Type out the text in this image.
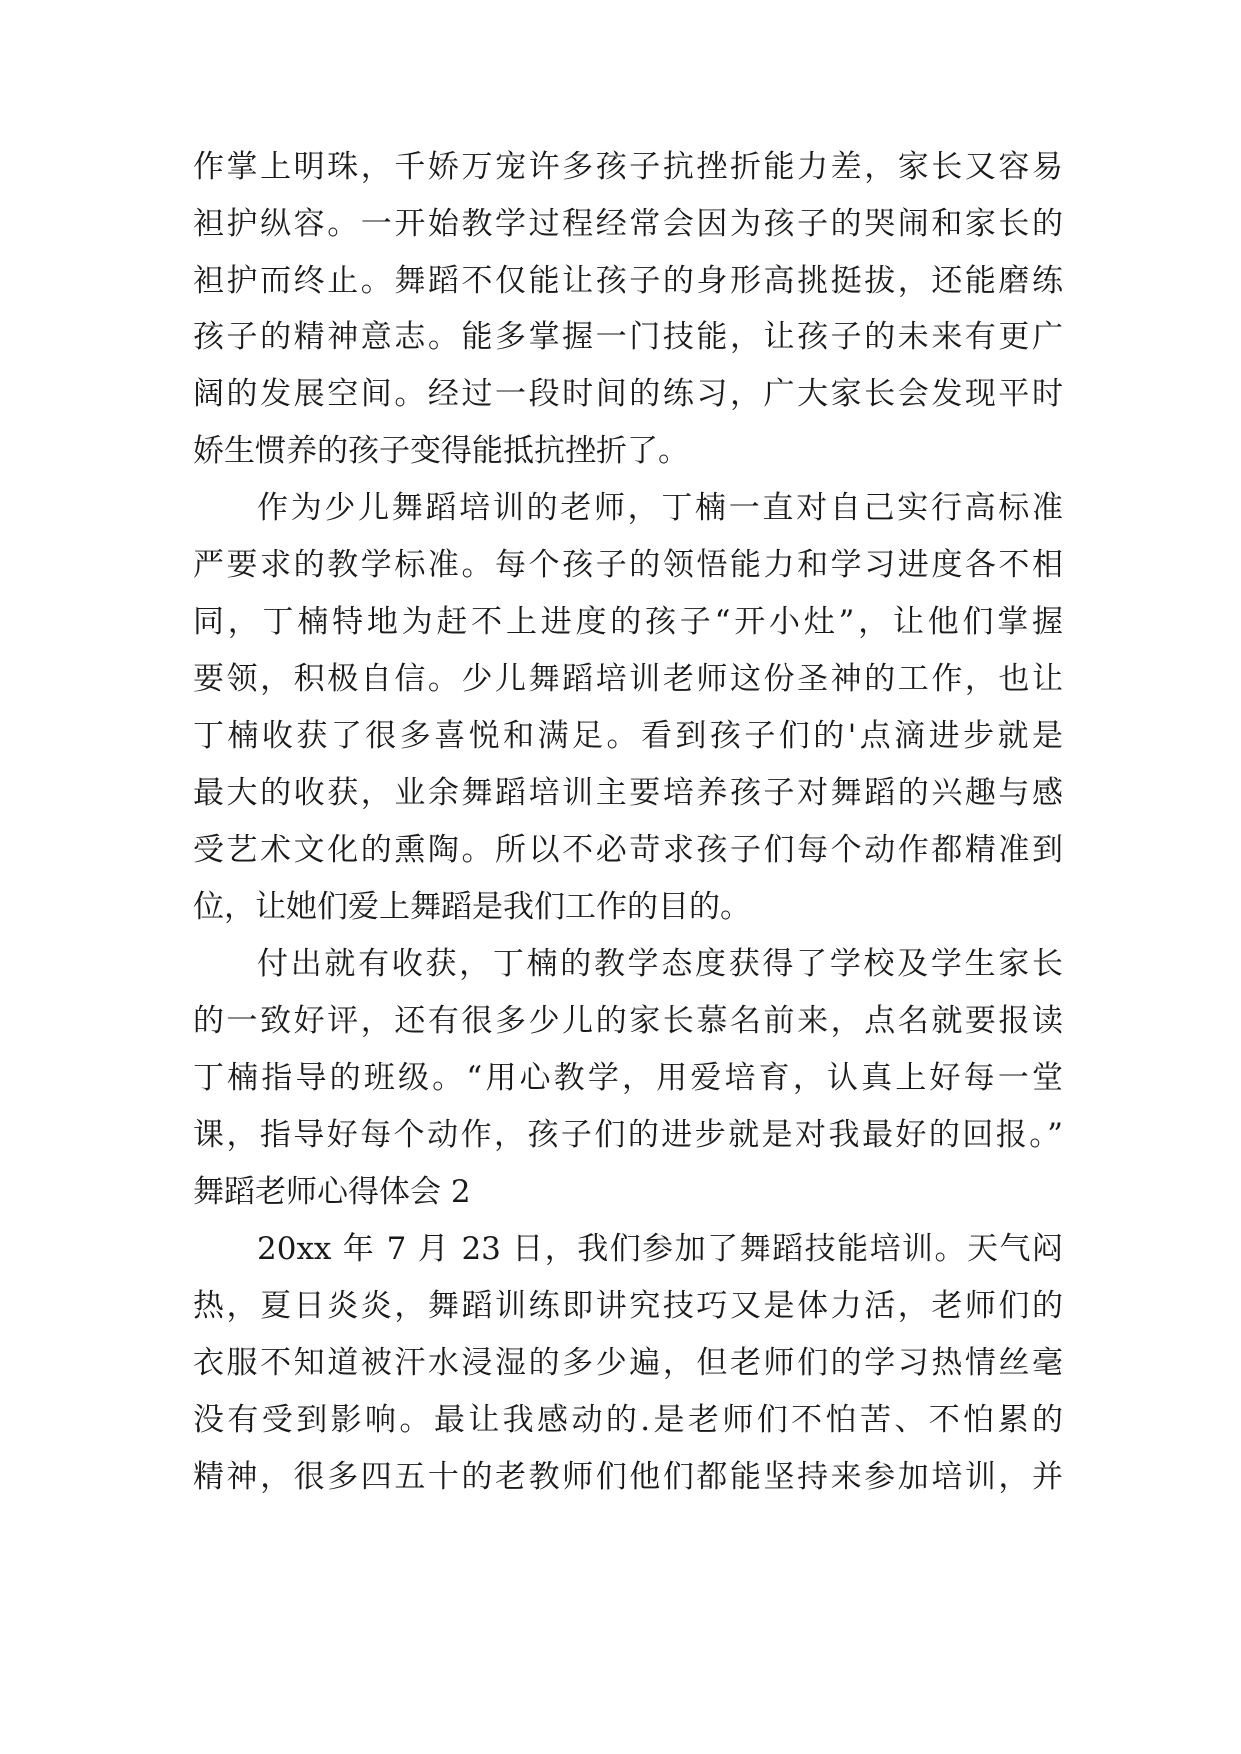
作掌上明珠，千娇万宠许多孩子抗挫折能力差，家长又容易
袒护纵容。一开始教学过程经常会因为孩子的哭闹和家长的
袒护而终止。舞蹈不仅能让孩子的身形高挑挺拔，还能磨练
孩子的精神意志。能多掌握一门技能，让孩子的未来有更广
阔的发展空间。经过一段时间的练习，广大家长会发现平时
娇生惯养的孩子变得能抵抗挫折了。
作为少儿舞蹈培训的老师，丁楠一直对自己实行高标准
严要求的教学标准。每个孩子的领悟能力和学习进度各不相
同，丁楠特地为赶不上进度的孩子“开小灶”，让他们掌握
要领，积极自信。少儿舞蹈培训老师这份圣神的工作，也让
丁楠收获了很多喜悦和满足。看到孩子们的'点滴进步就是
最大的收获，业余舞蹈培训主要培养孩子对舞蹈的兴趣与感
受艺术文化的熏陶。所以不必苛求孩子们每个动作都精准到
位，让她们爱上舞蹈是我们工作的目的。
付出就有收获，丁楠的教学态度获得了学校及学生家长
的一致好评，还有很多少儿的家长慕名前来，点名就要报读
丁楠指导的班级。“用心教学，用爱培育，认真上好每一堂
课，指导好每个动作，孩子们的进步就是对我最好的回报。”
舞蹈老师心得体会 2
20xx 年 7 月 23 日，我们参加了舞蹈技能培训。天气闷
热，夏日炎炎，舞蹈训练即讲究技巧又是体力活，老师们的
衣服不知道被汗水浸湿的多少遍，但老师们的学习热情丝毫
没有受到影响。最让我感动的.是老师们不怕苦、不怕累的
精神，很多四五十的老教师们他们都能坚持来参加培训，并
